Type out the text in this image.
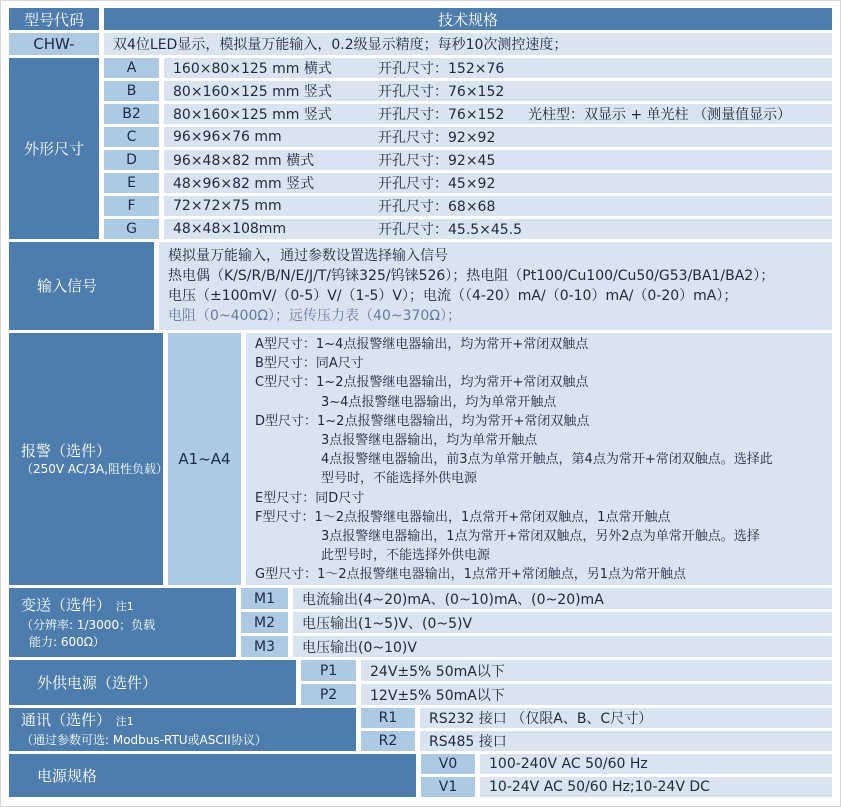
型号代码	技术规格
CHW-	双4位LED显示，模拟量万能输入，0.2级显示精度；每秒10次测控速度；
外形尺寸
A	160×80×125 mm 横式	开孔尺寸：152×76
B	80×160×125 mm 竖式	开孔尺寸：76×152
B2	80×160×125 mm 竖式	开孔尺寸：76×152	光柱型：双显示 + 单光柱 （测量值显示）
C	96×96×76 mm	开孔尺寸：92×92
D	96×48×82 mm 横式	开孔尺寸：92×45
E	48×96×82 mm 竖式	开孔尺寸：45×92
F	72×72×75 mm	开孔尺寸：68×68
G	48×48×108mm	开孔尺寸：45.5×45.5
输入信号
模拟量万能输入，通过参数设置选择输入信号
热电偶（K/S/R/B/N/E/J/T/钨铼325/钨铼526）；热电阻（Pt100/Cu100/Cu50/G53/BA1/BA2）；
电压（±100mV/（0-5）V/（1-5）V）；电流（（4-20）mA/（0-10）mA/（0-20）mA）；
电阻（0~400Ω）；远传压力表（40~370Ω）；
报警（选件）
（250V AC/3A,阻性负载）
A1~A4
A型尺寸：1~4点报警继电器输出，均为常开+常闭双触点
B型尺寸：同A尺寸
C型尺寸：1~2点报警继电器输出，均为常开+常闭双触点
3~4点报警继电器输出，均为单常开触点
D型尺寸：1~2点报警继电器输出，均为常开+常闭双触点
3点报警继电器输出，均为单常开触点
4点报警继电器输出，前3点为单常开触点，第4点为常开+常闭双触点。选择此
型号时，不能选择外供电源
E型尺寸：同D尺寸
F型尺寸：1～2点报警继电器输出，1点常开+常闭双触点，1点常开触点
3点报警继电器输出，1点为常开+常闭双触点，另外2点为单常开触点。选择
此型号时，不能选择外供电源
G型尺寸：1～2点报警继电器输出，1点常开+常闭触点，另1点为常开触点
变送（选件） 注1
（分辨率: 1/3000；负载
能力: 600Ω）
M1	电流输出(4~20)mA、(0~10)mA、(0~20)mA
M2	电压输出(1~5)V、(0~5)V
M3	电压输出(0~10)V
外供电源（选件）
P1	24V±5% 50mA以下
P2	12V±5% 50mA以下
通讯（选件） 注1
（通过参数可选: Modbus-RTU或ASCII协议）
R1	RS232 接口 （仅限A、B、C尺寸）
R2	RS485 接口
电源规格
V0	100-240V AC 50/60 Hz
V1	10-24V AC 50/60 Hz;10-24V DC
